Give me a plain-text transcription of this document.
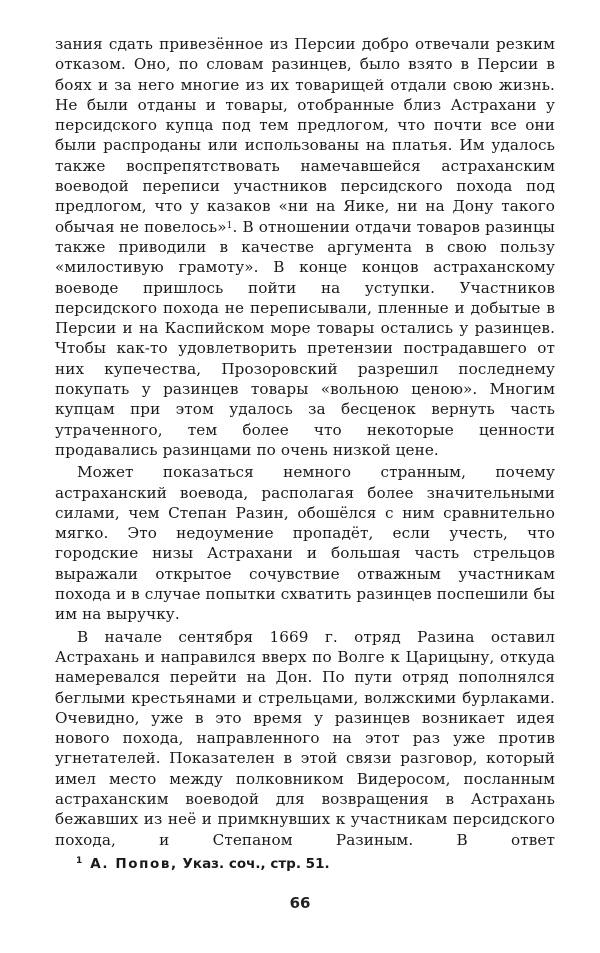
зания сдать привезённое из Персии добро отвечали резким отказом. Оно, по словам разинцев, было взято в Персии в боях и за него многие из их товарищей отдали свою жизнь. Не были отданы и товары, отобранные близ Астрахани у персидского купца под тем предлогом, что почти все они были распроданы или использованы на платья. Им удалось также воспрепятствовать намечавшейся астраханским воеводой переписи участников персидского похода под предлогом, что у казаков «ни на Яике, ни на Дону такого обычая не повелось»$^1$. В отношении отдачи товаров разинцы также приводили в качестве аргумента в свою пользу «милостивую грамоту». В конце концов астраханскому воеводе пришлось пойти на уступки. Участников персидского похода не переписывали, пленные и добытые в Персии и на Каспийском море товары остались у разинцев. Чтобы как-то удовлетворить претензии пострадавшего от них купечества, Прозоровский разрешил последнему покупать у разинцев товары «вольною ценою». Многим купцам при этом удалось за бесценок вернуть часть утраченного, тем более что некоторые ценности продавались разинцами по очень низкой цене.

Может показаться немного странным, почему астраханский воевода, располагая более значительными силами, чем Степан Разин, обошёлся с ним сравнительно мягко. Это недоумение пропадёт, если учесть, что городские низы Астрахани и большая часть стрельцов выражали открытое сочувствие отважным участникам похода и в случае попытки схватить разинцев поспешили бы им на выручку.

В начале сентября 1669 г. отряд Разина оставил Астрахань и направился вверх по Волге к Царицыну, откуда намеревался перейти на Дон. По пути отряд пополнялся беглыми крестьянами и стрельцами, волжскими бурлаками. Очевидно, уже в это время у разинцев возникает идея нового похода, направленного на этот раз уже против угнетателей. Показателен в этой связи разговор, который имел место между полковником Видеросом, посланным астраханским воеводой для возвращения в Астрахань бежавших из неё и примкнувших к участникам персидского похода, и Степаном Разиным. В ответ

$^1$ А. Попов, Указ. соч., стр. 51.
66
